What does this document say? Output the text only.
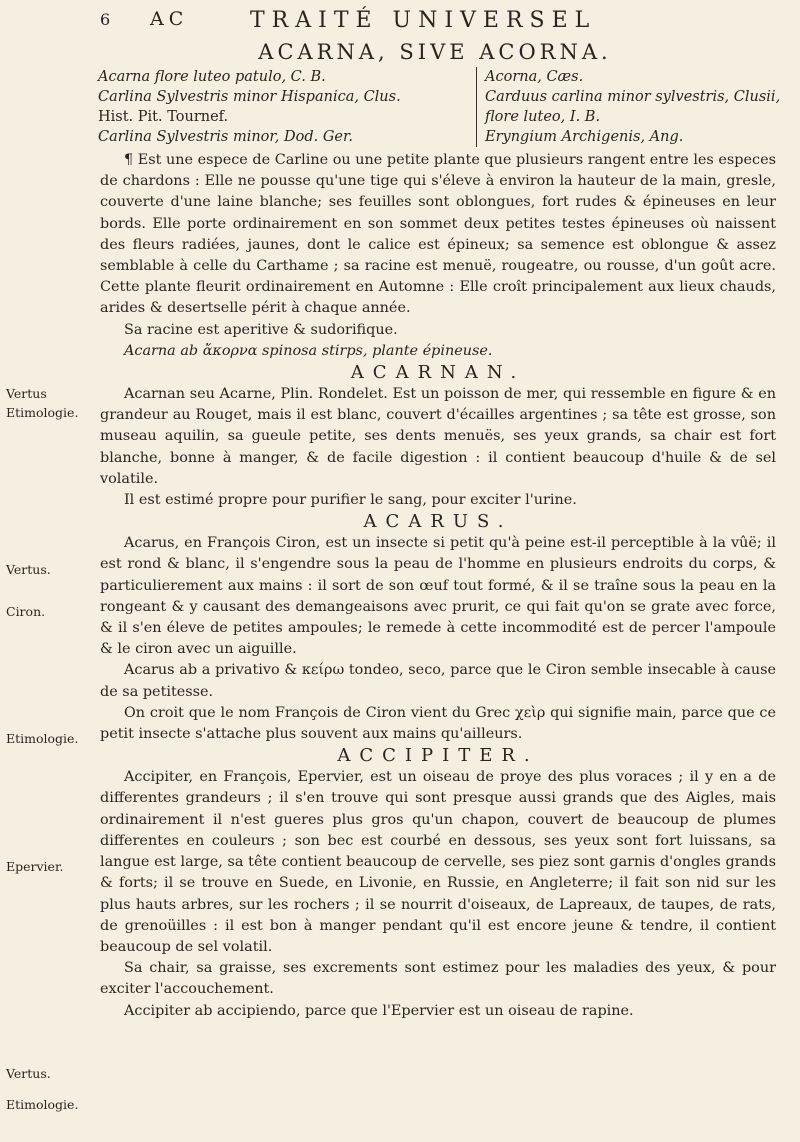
6 AC	TRAITÉ UNIVERSEL
ACARNA, SIVE ACORNA.
Acarna flore luteo patulo, C. B.
Carlina Sylvestris minor Hispanica, Clus.
Hist. Pit. Tournef.
Carlina Sylvestris minor, Dod. Ger.
Acorna, Cæs.
Carduus carlina minor sylvestris, Clusii,
flore luteo, I. B.
Eryngium Archigenis, Ang.

¶ Est une espece de Carline ou une petite plante que plusieurs rangent entre les especes de chardons : Elle ne pousse qu'une tige qui s'éleve à environ la hauteur de la main, gresle, couverte d'une laine blanche; ses feuilles sont oblongues, fort rudes & épineuses en leur bords. Elle porte ordinairement en son sommet deux petites testes épineuses où naissent des fleurs radiées, jaunes, dont le calice est épineux; sa semence est oblongue & assez semblable à celle du Carthame ; sa racine est menuë, rougeatre, ou rousse, d'un goût acre. Cette plante fleurit ordinairement en Automne : Elle croît principalement aux lieux chauds, arides & desertselle périt à chaque année.

Sa racine est aperitive & sudorifique.

Acarna ab ἄκορνα spinosa stirps, plante épineuse.

ACARNAN.

Acarnan seu Acarne, Plin. Rondelet. Est un poisson de mer, qui ressemble en figure & en grandeur au Rouget, mais il est blanc, couvert d'écailles argentines ; sa tête est grosse, son museau aquilin, sa gueule petite, ses dents menuës, ses yeux grands, sa chair est fort blanche, bonne à manger, & de facile digestion : il contient beaucoup d'huile & de sel volatile.

Il est estimé propre pour purifier le sang, pour exciter l'urine.

ACARUS.

Acarus, en François Ciron, est un insecte si petit qu'à peine est-il perceptible à la vûë; il est rond & blanc, il s'engendre sous la peau de l'homme en plusieurs endroits du corps, & particulierement aux mains : il sort de son œuf tout formé, & il se traîne sous la peau en la rongeant & y causant des demangeaisons avec prurit, ce qui fait qu'on se grate avec force, & il s'en éleve de petites ampoules; le remede à cette incommodité est de percer l'ampoule & le ciron avec un aiguille.

Acarus ab a privativo & κείρω tondeo, seco, parce que le Ciron semble insecable à cause de sa petitesse.

On croit que le nom François de Ciron vient du Grec χεὶρ qui signifie main, parce que ce petit insecte s'attache plus souvent aux mains qu'ailleurs.

ACCIPITER.

Accipiter, en François, Epervier, est un oiseau de proye des plus voraces ; il y en a de differentes grandeurs ; il s'en trouve qui sont presque aussi grands que des Aigles, mais ordinairement il n'est gueres plus gros qu'un chapon, couvert de beaucoup de plumes differentes en couleurs ; son bec est courbé en dessous, ses yeux sont fort luissans, sa langue est large, sa tête contient beaucoup de cervelle, ses piez sont garnis d'ongles grands & forts; il se trouve en Suede, en Livonie, en Russie, en Angleterre; il fait son nid sur les plus hauts arbres, sur les rochers ; il se nourrit d'oiseaux, de Lapreaux, de taupes, de rats, de grenoüilles : il est bon à manger pendant qu'il est encore jeune & tendre, il contient beaucoup de sel volatil.

Sa chair, sa graisse, ses excrements sont estimez pour les maladies des yeux, & pour exciter l'accouchement.

Accipiter ab accipiendo, parce que l'Epervier est un oiseau de rapine.

Vertus
Etimologie.
Vertus.
Ciron.
Etimologie.
Epervier.
Vertus.
Etimologie.
